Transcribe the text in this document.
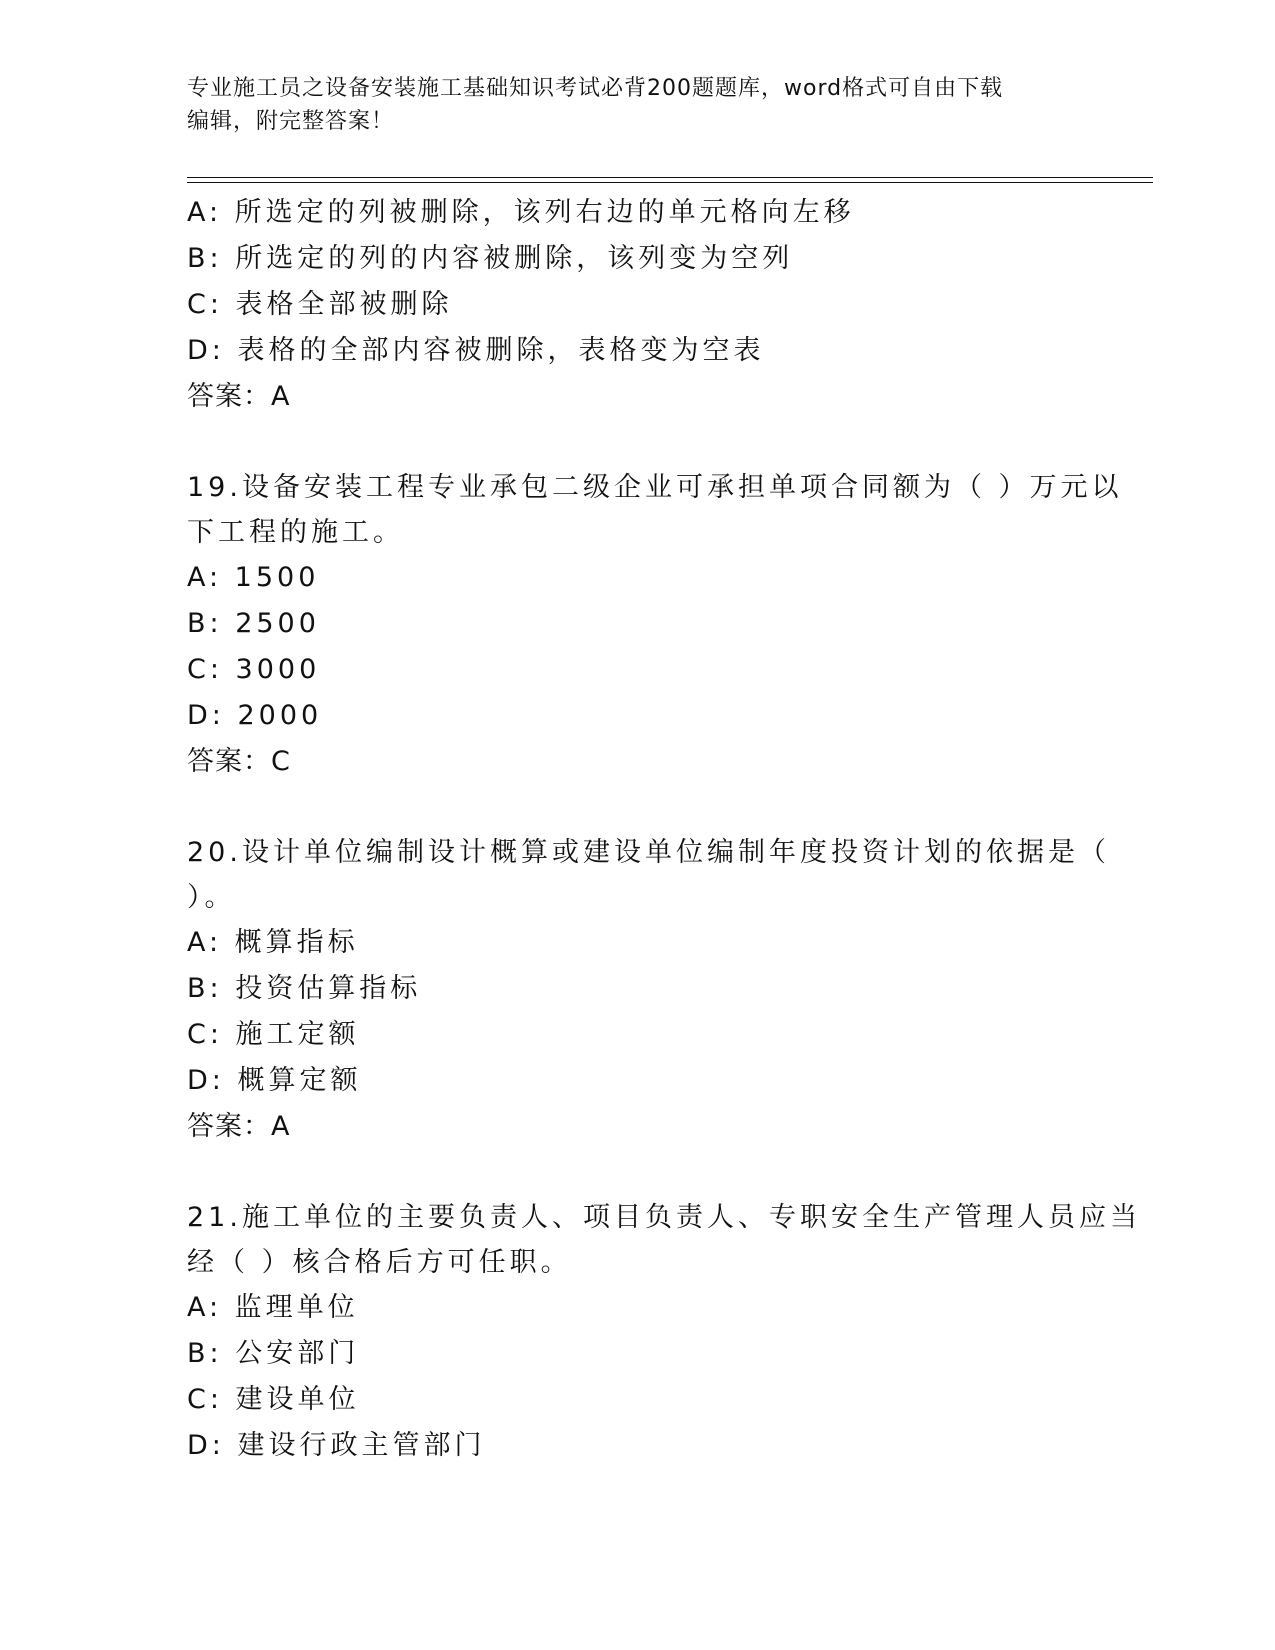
专业施工员之设备安装施工基础知识考试必背200题题库，word格式可自由下载
编辑，附完整答案！
A: 所选定的列被删除，该列右边的单元格向左移
B: 所选定的列的内容被删除，该列变为空列
C: 表格全部被删除
D: 表格的全部内容被删除，表格变为空表
答案：A
19.设备安装工程专业承包二级企业可承担单项合同额为（ ）万元以
下工程的施工。
A: 1500
B: 2500
C: 3000
D: 2000
答案：C
20.设计单位编制设计概算或建设单位编制年度投资计划的依据是（
）。
A: 概算指标
B: 投资估算指标
C: 施工定额
D: 概算定额
答案：A
21.施工单位的主要负责人、项目负责人、专职安全生产管理人员应当
经（ ）核合格后方可任职。
A: 监理单位
B: 公安部门
C: 建设单位
D: 建设行政主管部门
